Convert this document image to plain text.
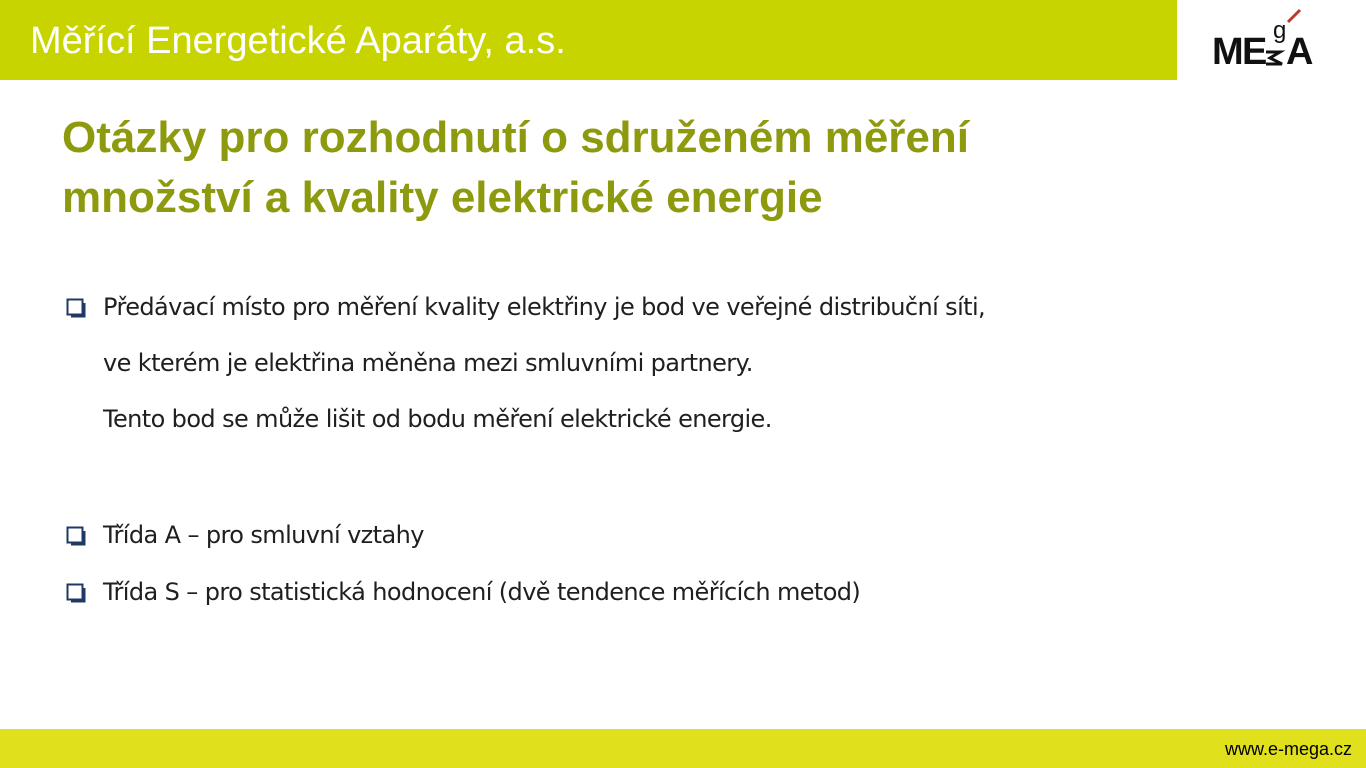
Měřící Energetické Aparáty, a.s.	M E A
g
Otázky pro rozhodnutí o sdruženém měření
množství a kvality elektrické energie
Předávací místo pro měření kvality elektřiny je bod ve veřejné distribuční síti,
ve kterém je elektřina měněna mezi smluvními partnery.
Tento bod se může lišit od bodu měření elektrické energie.
Třída A – pro smluvní vztahy
Třída S – pro statistická hodnocení (dvě tendence měřících metod)
www.e-mega.cz
